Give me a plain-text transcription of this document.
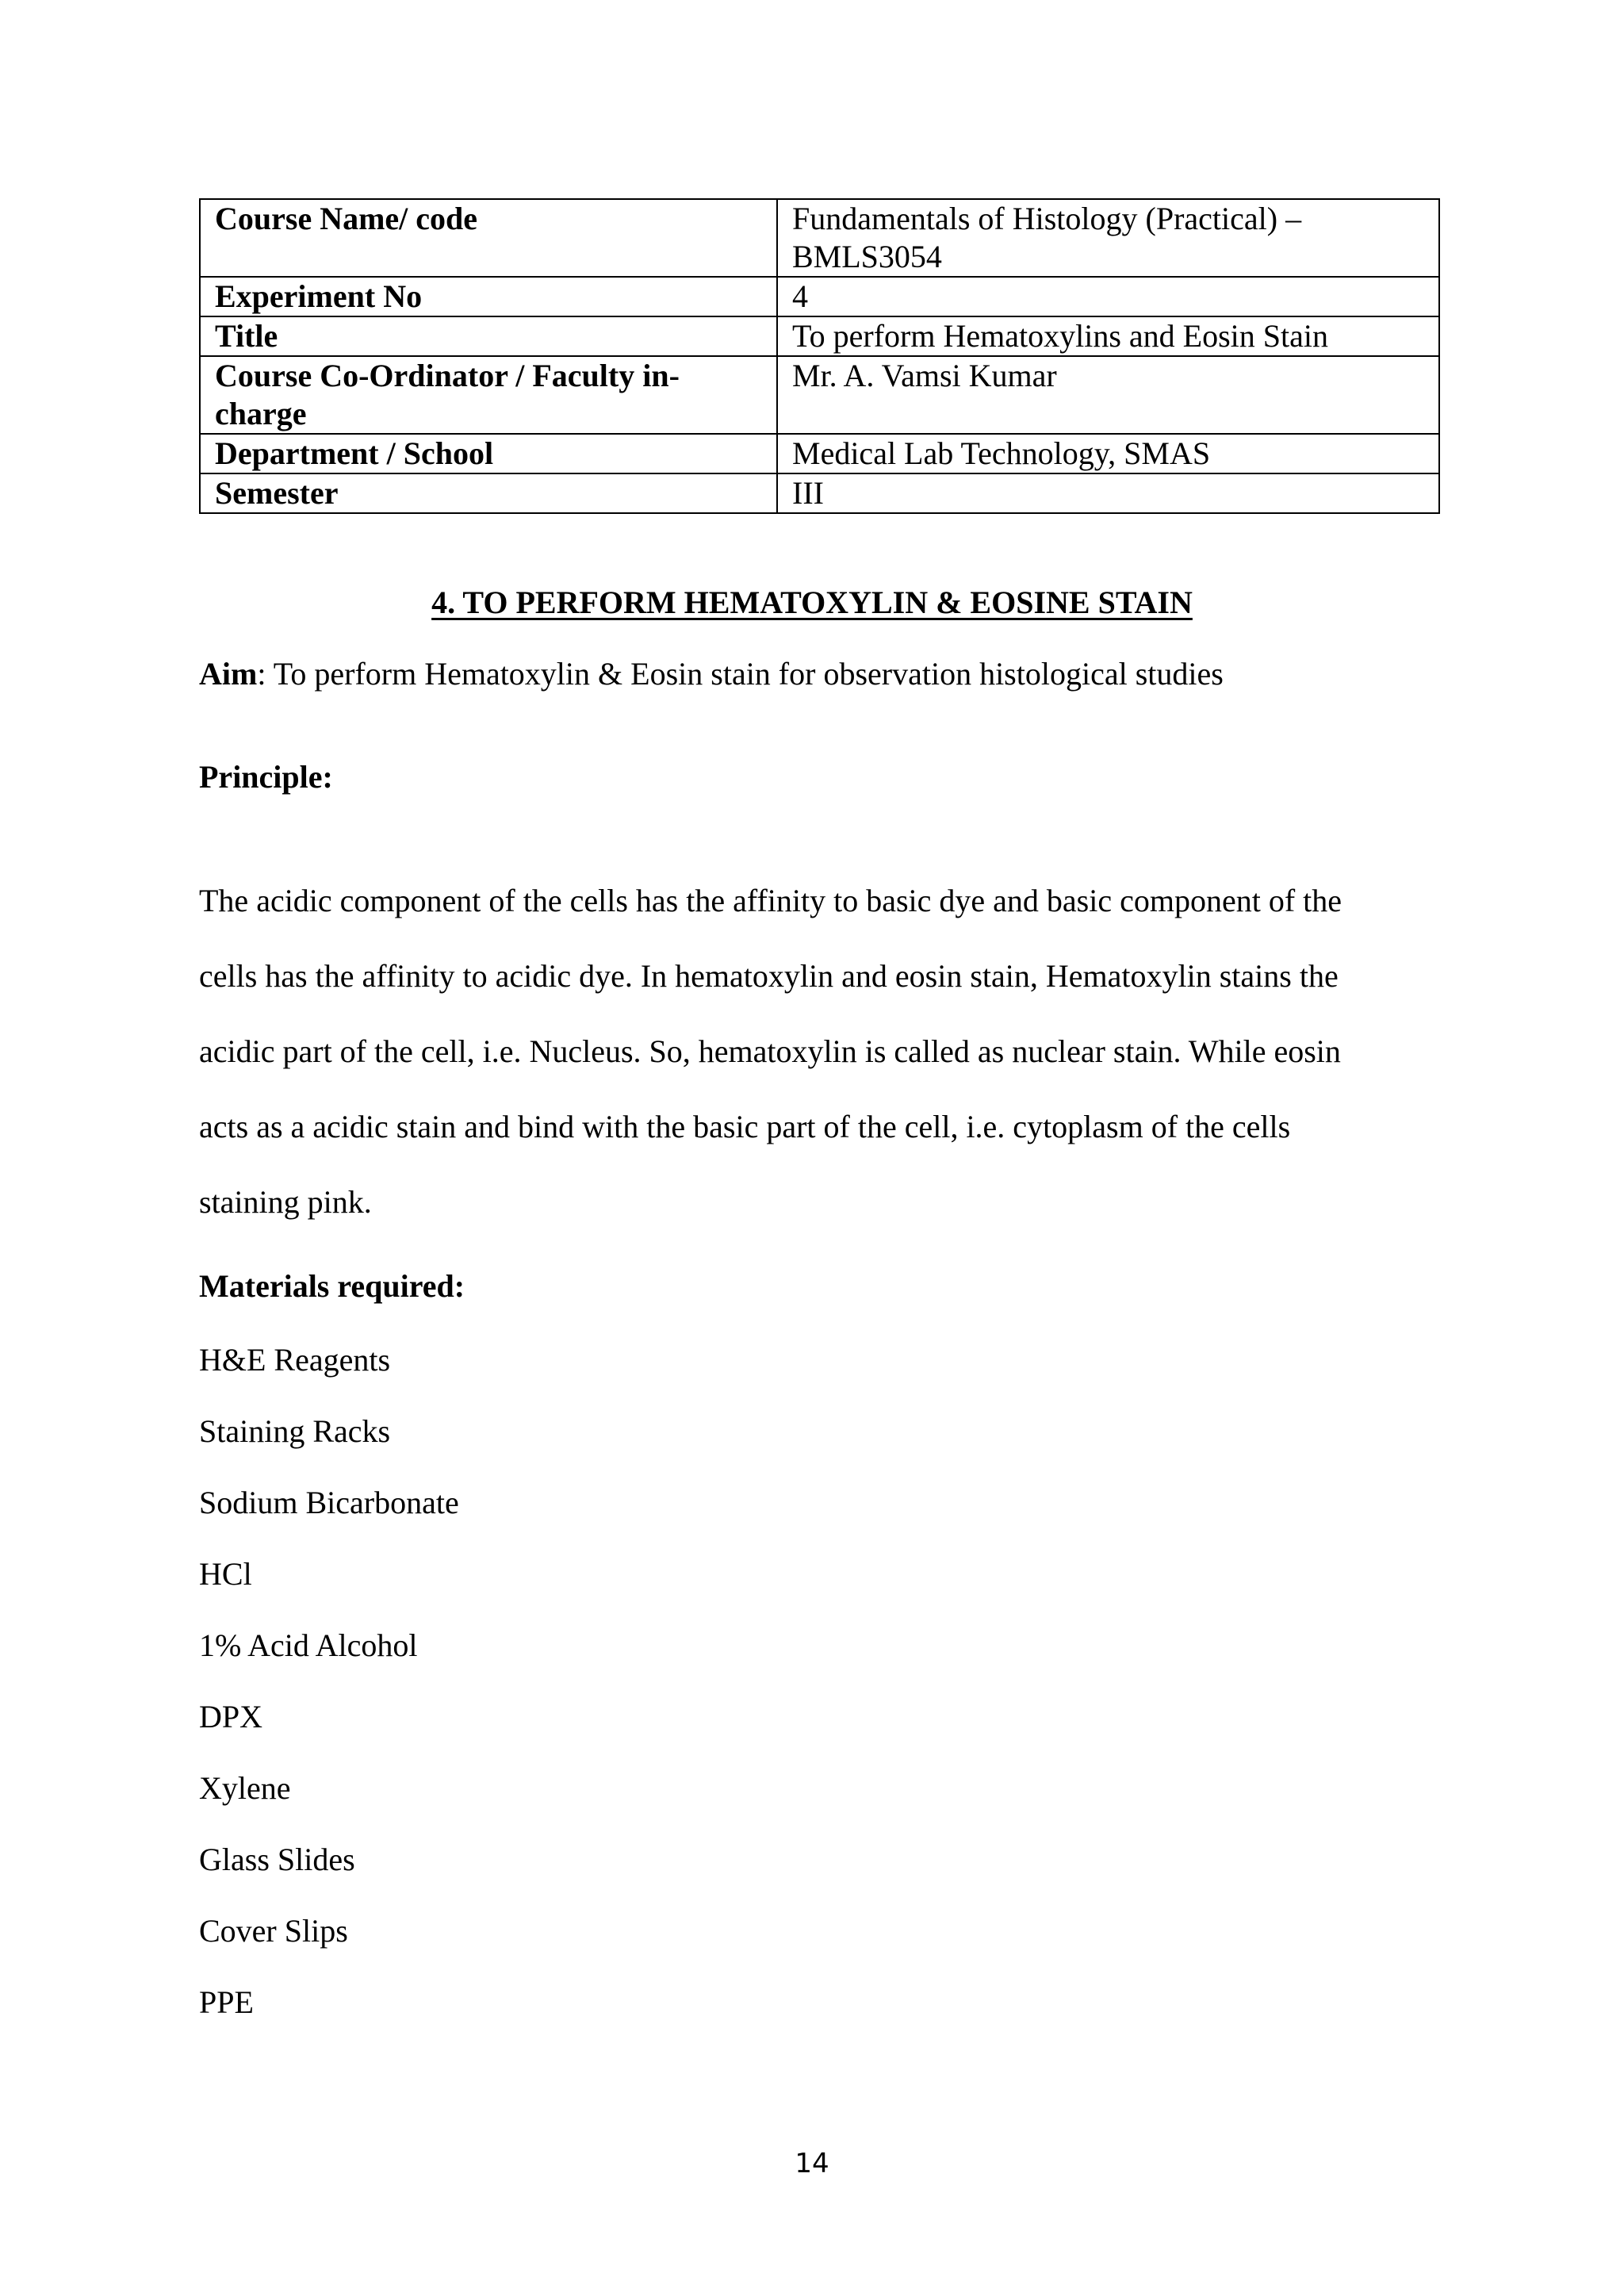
Course Name/ code	Fundamentals of Histology (Practical) – BMLS3054
Experiment No	4
Title	To perform Hematoxylins and Eosin Stain
Course Co-Ordinator / Faculty in-charge	Mr. A. Vamsi Kumar
Department / School	Medical Lab Technology, SMAS
Semester	III
4. TO PERFORM HEMATOXYLIN & EOSINE STAIN
Aim: To perform Hematoxylin & Eosin stain for observation histological studies
Principle:
The acidic component of the cells has the affinity to basic dye and basic component of the
cells has the affinity to acidic dye. In hematoxylin and eosin stain, Hematoxylin stains the
acidic part of the cell, i.e. Nucleus. So, hematoxylin is called as nuclear stain. While eosin
acts as a acidic stain and bind with the basic part of the cell, i.e. cytoplasm of the cells
staining pink.
Materials required:
H&E Reagents
Staining Racks
Sodium Bicarbonate
HCl
1% Acid Alcohol
DPX
Xylene
Glass Slides
Cover Slips
PPE
14
